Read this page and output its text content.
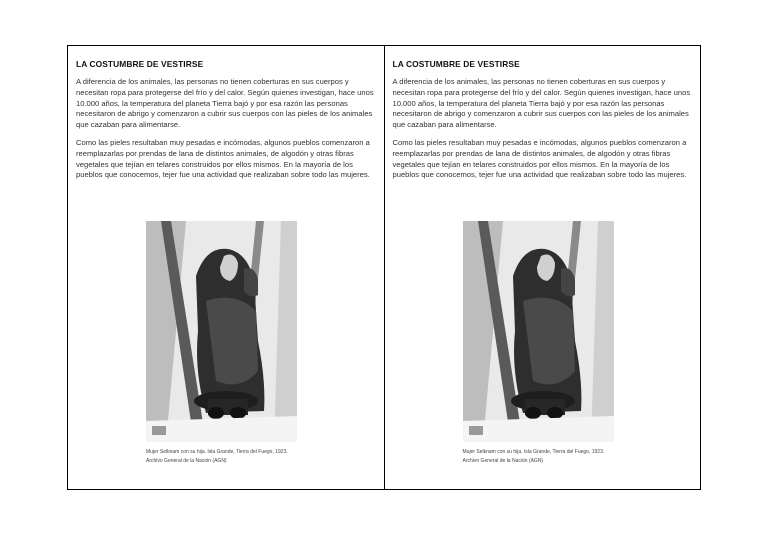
LA COSTUMBRE DE VESTIRSE

A diferencia de los animales, las personas no tienen coberturas en sus cuerpos y necesitan ropa para protegerse del frío y del calor. Según quienes investigan, hace unos 10.000 años, la temperatura del planeta Tierra bajó y por esa razón las personas necesitaron de abrigo y comenzaron a cubrir sus cuerpos con las pieles de los animales que cazaban para alimentarse.

Como las pieles resultaban muy pesadas e incómodas, algunos pueblos comenzaron a reemplazarlas por prendas de lana de distintos animales, de algodón y otras fibras vegetales que tejían en telares construidos por ellos mismos. En la mayoría de los pueblos que conocemos, tejer fue una actividad que realizaban sobre todo las mujeres.

Mujer Selknam con su hija. Isla Grande, Tierra del Fuego, 1923.
Archivo General de la Nación (AGN)
LA COSTUMBRE DE VESTIRSE

A diferencia de los animales, las personas no tienen coberturas en sus cuerpos y necesitan ropa para protegerse del frío y del calor. Según quienes investigan, hace unos 10.000 años, la temperatura del planeta Tierra bajó y por esa razón las personas necesitaron de abrigo y comenzaron a cubrir sus cuerpos con las pieles de los animales que cazaban para alimentarse.

Como las pieles resultaban muy pesadas e incómodas, algunos pueblos comenzaron a reemplazarlas por prendas de lana de distintos animales, de algodón y otras fibras vegetales que tejían en telares construidos por ellos mismos. En la mayoría de los pueblos que conocemos, tejer fue una actividad que realizaban sobre todo las mujeres.

Mujer Selknam con su hija. Isla Grande, Tierra del Fuego, 1923.
Archivo General de la Nación (AGN)
